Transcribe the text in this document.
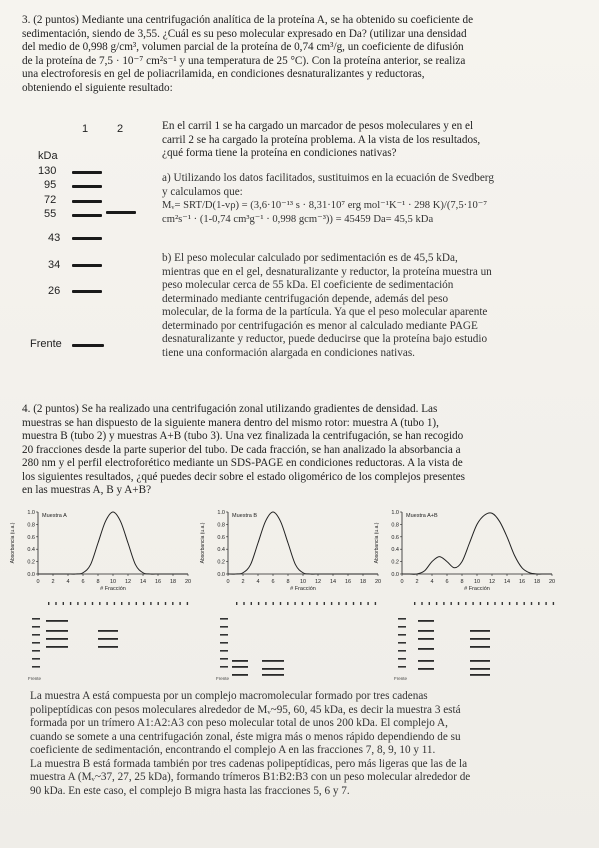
3. (2 puntos) Mediante una centrifugación analítica de la proteína A, se ha obtenido su coeficiente de
sedimentación, siendo de 3,55. ¿Cuál es su peso molecular expresado en Da? (utilizar una densidad
del medio de 0,998 g/cm³, volumen parcial de la proteína de 0,74 cm³/g, un coeficiente de difusión
de la proteína de 7,5 · 10⁻⁷ cm²s⁻¹ y una temperatura de 25 °C). Con la proteína anterior, se realiza
una electroforesis en gel de poliacrilamida, en condiciones desnaturalizantes y reductoras,
obteniendo el siguiente resultado:
1	2
kDa
130
95
72
55
43
34
26
Frente
En el carril 1 se ha cargado un marcador de pesos moleculares y en el
carril 2 se ha cargado la proteína problema. A la vista de los resultados,
¿qué forma tiene la proteína en condiciones nativas?
a) Utilizando los datos facilitados, sustituimos en la ecuación de Svedberg
y calculamos que:
Mᵥ= SRT/D(1-vρ) = (3,6·10⁻¹³ s · 8,31·10⁷ erg mol⁻¹K⁻¹ · 298 K)/(7,5·10⁻⁷
cm²s⁻¹ · (1-0,74 cm³g⁻¹ · 0,998 gcm⁻³)) = 45459 Da= 45,5 kDa
b) El peso molecular calculado por sedimentación es de 45,5 kDa,
mientras que en el gel, desnaturalizante y reductor, la proteína muestra un
peso molecular cerca de 55 kDa. El coeficiente de sedimentación
determinado mediante centrifugación depende, además del peso
molecular, de la forma de la partícula. Ya que el peso molecular aparente
determinado por centrifugación es menor al calculado mediante PAGE
desnaturalizante y reductor, puede deducirse que la proteína bajo estudio
tiene una conformación alargada en condiciones nativas.
4. (2 puntos) Se ha realizado una centrifugación zonal utilizando gradientes de densidad. Las
muestras se han dispuesto de la siguiente manera dentro del mismo rotor: muestra A (tubo 1),
muestra B (tubo 2) y muestras A+B (tubo 3). Una vez finalizada la centrifugación, se han recogido
20 fracciones desde la parte superior del tubo. De cada fracción, se han analizado la absorbancia a
280 nm y el perfil electroforético mediante un SDS-PAGE en condiciones reductoras. A la vista de
los siguientes resultados, ¿qué puedes decir sobre el estado oligomérico de los complejos presentes
en las muestras A, B y A+B?
Muestra A
0.0
0.2
0.4
0.6
0.8
1.0
0 2 4 6 8 10 12 14 16 18 20
# Fracción
Absorbancia (u.a.)
Muestra B
0.0
0.2
0.4
0.6
0.8
1.0
0 2 4 6 8 10 12 14 16 18 20
# Fracción
Absorbancia (u.a.)
Muestra A+B
0.0
0.2
0.4
0.6
0.8
1.0
0 2 4 6 8 10 12 14 16 18 20
# Fracción
Absorbancia (u.a.)
Frente	Frente	Frente
La muestra A está compuesta por un complejo macromolecular formado por tres cadenas
polipeptídicas con pesos moleculares alrededor de Mᵥ~95, 60, 45 kDa, es decir la muestra 3 está
formada por un trímero A1:A2:A3 con peso molecular total de unos 200 kDa. El complejo A,
cuando se somete a una centrifugación zonal, éste migra más o menos rápido dependiendo de su
coeficiente de sedimentación, encontrando el complejo A en las fracciones 7, 8, 9, 10 y 11.
La muestra B está formada también por tres cadenas polipeptídicas, pero más ligeras que las de la
muestra A (Mᵥ~37, 27, 25 kDa), formando trímeros B1:B2:B3 con un peso molecular alrededor de
90 kDa. En este caso, el complejo B migra hasta las fracciones 5, 6 y 7.
